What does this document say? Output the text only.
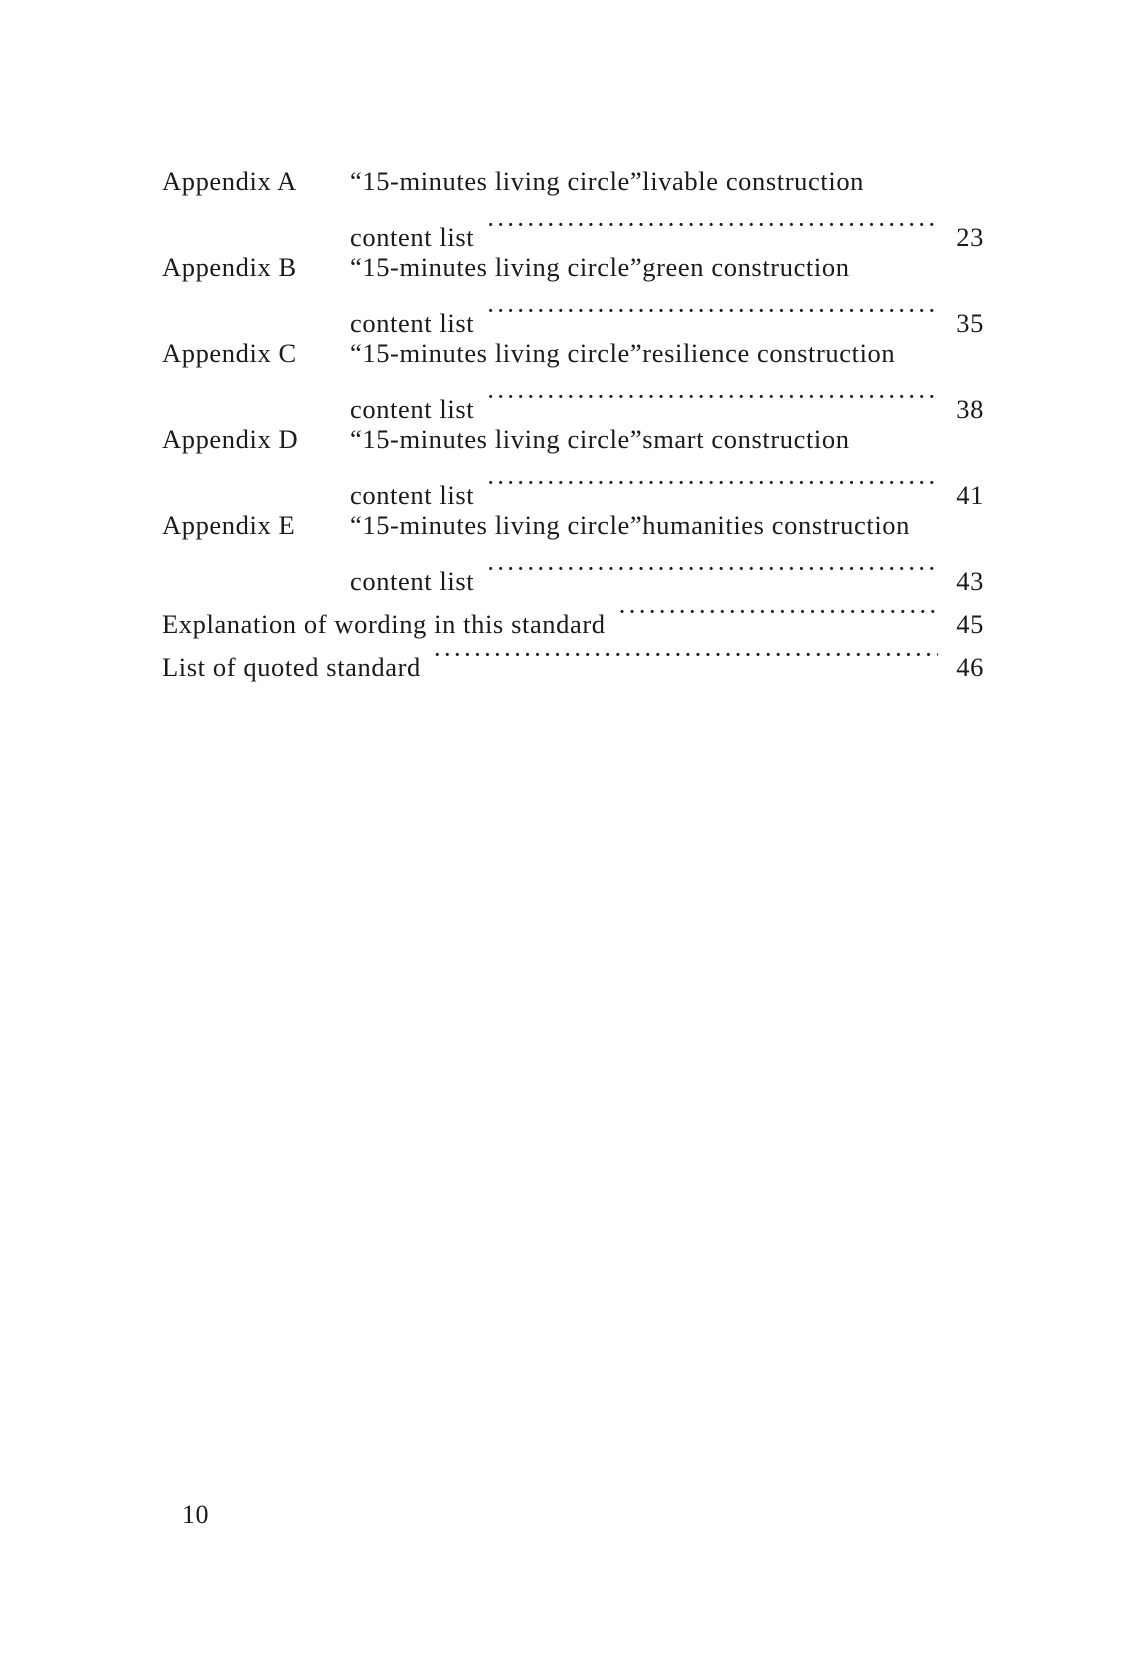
Appendix A	“15-minutes living circle”livable construction
content list ·····	23
Appendix B	“15-minutes living circle”green construction
content list ·····	35
Appendix C	“15-minutes living circle”resilience construction
content list ·····	38
Appendix D	“15-minutes living circle”smart construction
content list ·····	41
Appendix E	“15-minutes living circle”humanities construction
content list ·····	43
Explanation of wording in this standard ·····	45
List of quoted standard ·····	46
10
